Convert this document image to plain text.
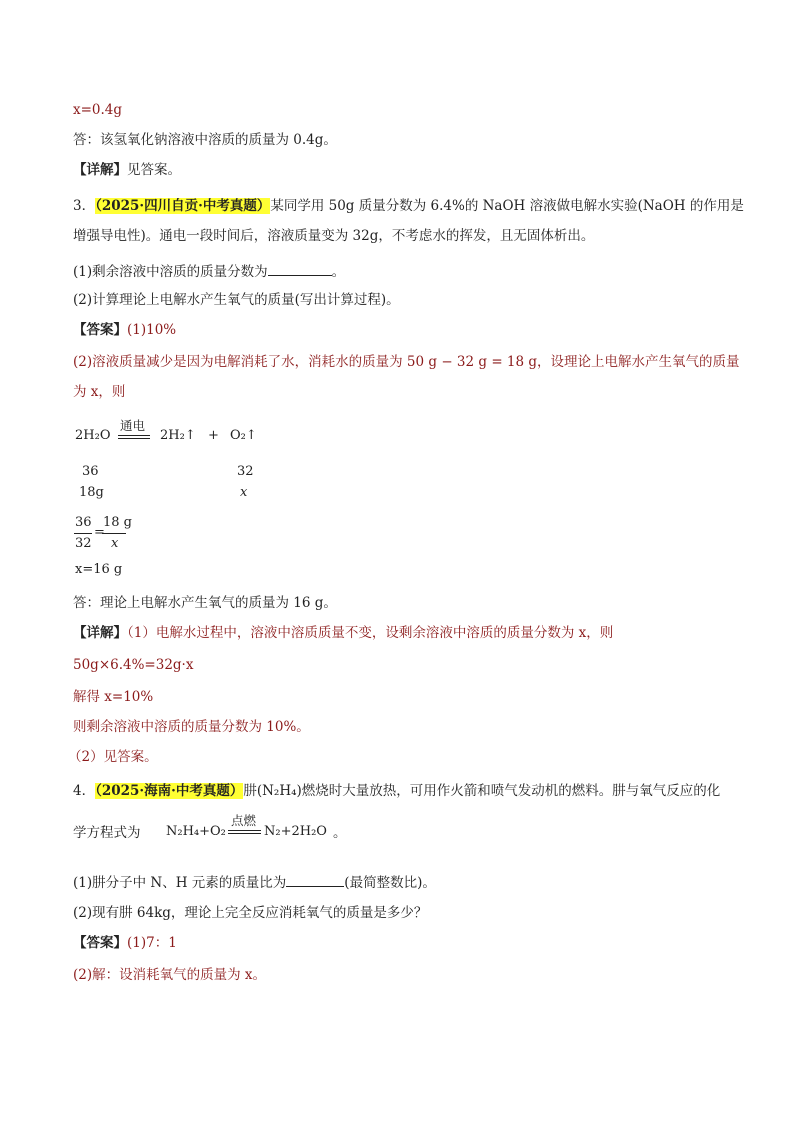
x=0.4g
答：该氢氧化钠溶液中溶质的质量为 0.4g。
【详解】见答案。
3．（2025·四川自贡·中考真题）某同学用 50g 质量分数为 6.4%的 NaOH 溶液做电解水实验(NaOH 的作用是
增强导电性)。通电一段时间后，溶液质量变为 32g，不考虑水的挥发，且无固体析出。
(1)剩余溶液中溶质的质量分数为	。
(2)计算理论上电解水产生氧气的质量(写出计算过程)。
【答案】(1)10%
(2)溶液质量减少是因为电解消耗了水，消耗水的质量为 50 g − 32 g = 18 g，设理论上电解水产生氧气的质量
为 x，则
2H₂O
通电
2H₂↑ + O₂↑
36	32
18g	x
36
32
=
18 g
x
x=16 g
答：理论上电解水产生氧气的质量为 16 g。
【详解】（1）电解水过程中，溶液中溶质质量不变，设剩余溶液中溶质的质量分数为 x，则
50g×6.4%=32g·x
解得 x=10%
则剩余溶液中溶质的质量分数为 10%。
（2）见答案。
4．（2025·海南·中考真题）肼(N₂H₄)燃烧时大量放热，可用作火箭和喷气发动机的燃料。肼与氧气反应的化
学方程式为 N₂H₄+O₂
点燃
N₂+2H₂O 。
(1)肼分子中 N、H 元素的质量比为	(最简整数比)。
(2)现有肼 64kg，理论上完全反应消耗氧气的质量是多少？
【答案】(1)7：1
(2)解：设消耗氧气的质量为 x。
